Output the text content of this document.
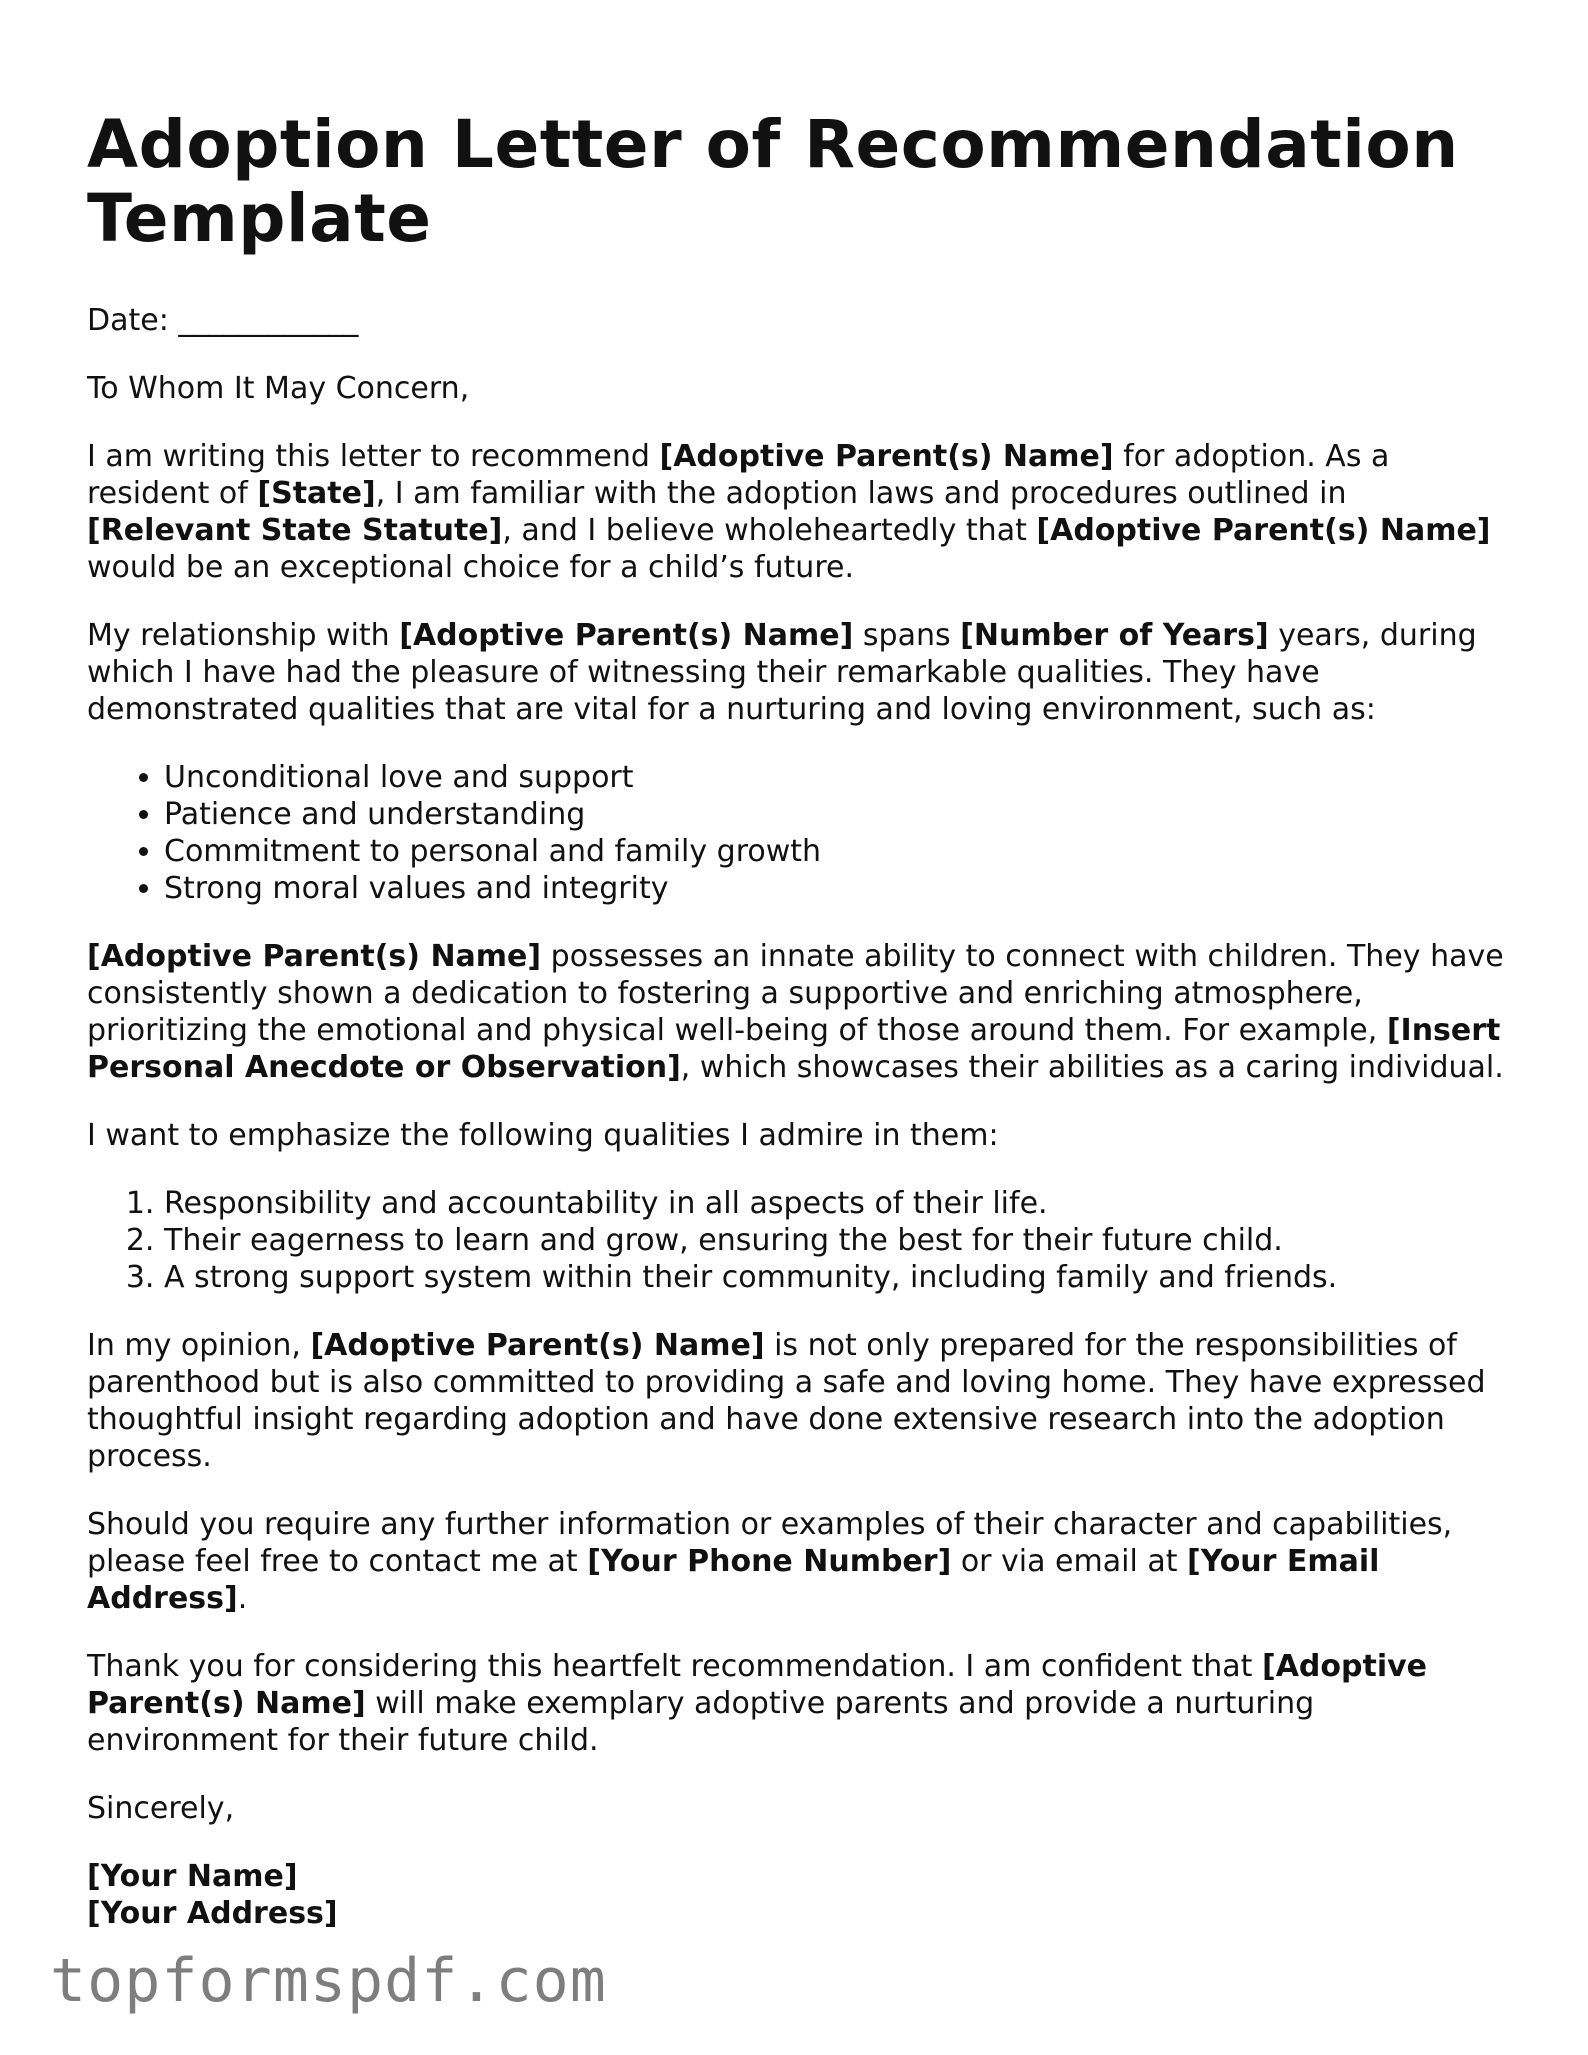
Adoption Letter of Recommendation Template

Date: ____________

To Whom It May Concern,

I am writing this letter to recommend [Adoptive Parent(s) Name] for adoption. As a resident of [State], I am familiar with the adoption laws and procedures outlined in [Relevant State Statute], and I believe wholeheartedly that [Adoptive Parent(s) Name] would be an exceptional choice for a child’s future.

My relationship with [Adoptive Parent(s) Name] spans [Number of Years] years, during which I have had the pleasure of witnessing their remarkable qualities. They have demonstrated qualities that are vital for a nurturing and loving environment, such as:

• Unconditional love and support
• Patience and understanding
• Commitment to personal and family growth
• Strong moral values and integrity

[Adoptive Parent(s) Name] possesses an innate ability to connect with children. They have consistently shown a dedication to fostering a supportive and enriching atmosphere, prioritizing the emotional and physical well-being of those around them. For example, [Insert Personal Anecdote or Observation], which showcases their abilities as a caring individual.

I want to emphasize the following qualities I admire in them:

1. Responsibility and accountability in all aspects of their life.
2. Their eagerness to learn and grow, ensuring the best for their future child.
3. A strong support system within their community, including family and friends.

In my opinion, [Adoptive Parent(s) Name] is not only prepared for the responsibilities of parenthood but is also committed to providing a safe and loving home. They have expressed thoughtful insight regarding adoption and have done extensive research into the adoption process.

Should you require any further information or examples of their character and capabilities, please feel free to contact me at [Your Phone Number] or via email at [Your Email Address].

Thank you for considering this heartfelt recommendation. I am confident that [Adoptive Parent(s) Name] will make exemplary adoptive parents and provide a nurturing environment for their future child.

Sincerely,

[Your Name]
[Your Address]

topformspdf.com
